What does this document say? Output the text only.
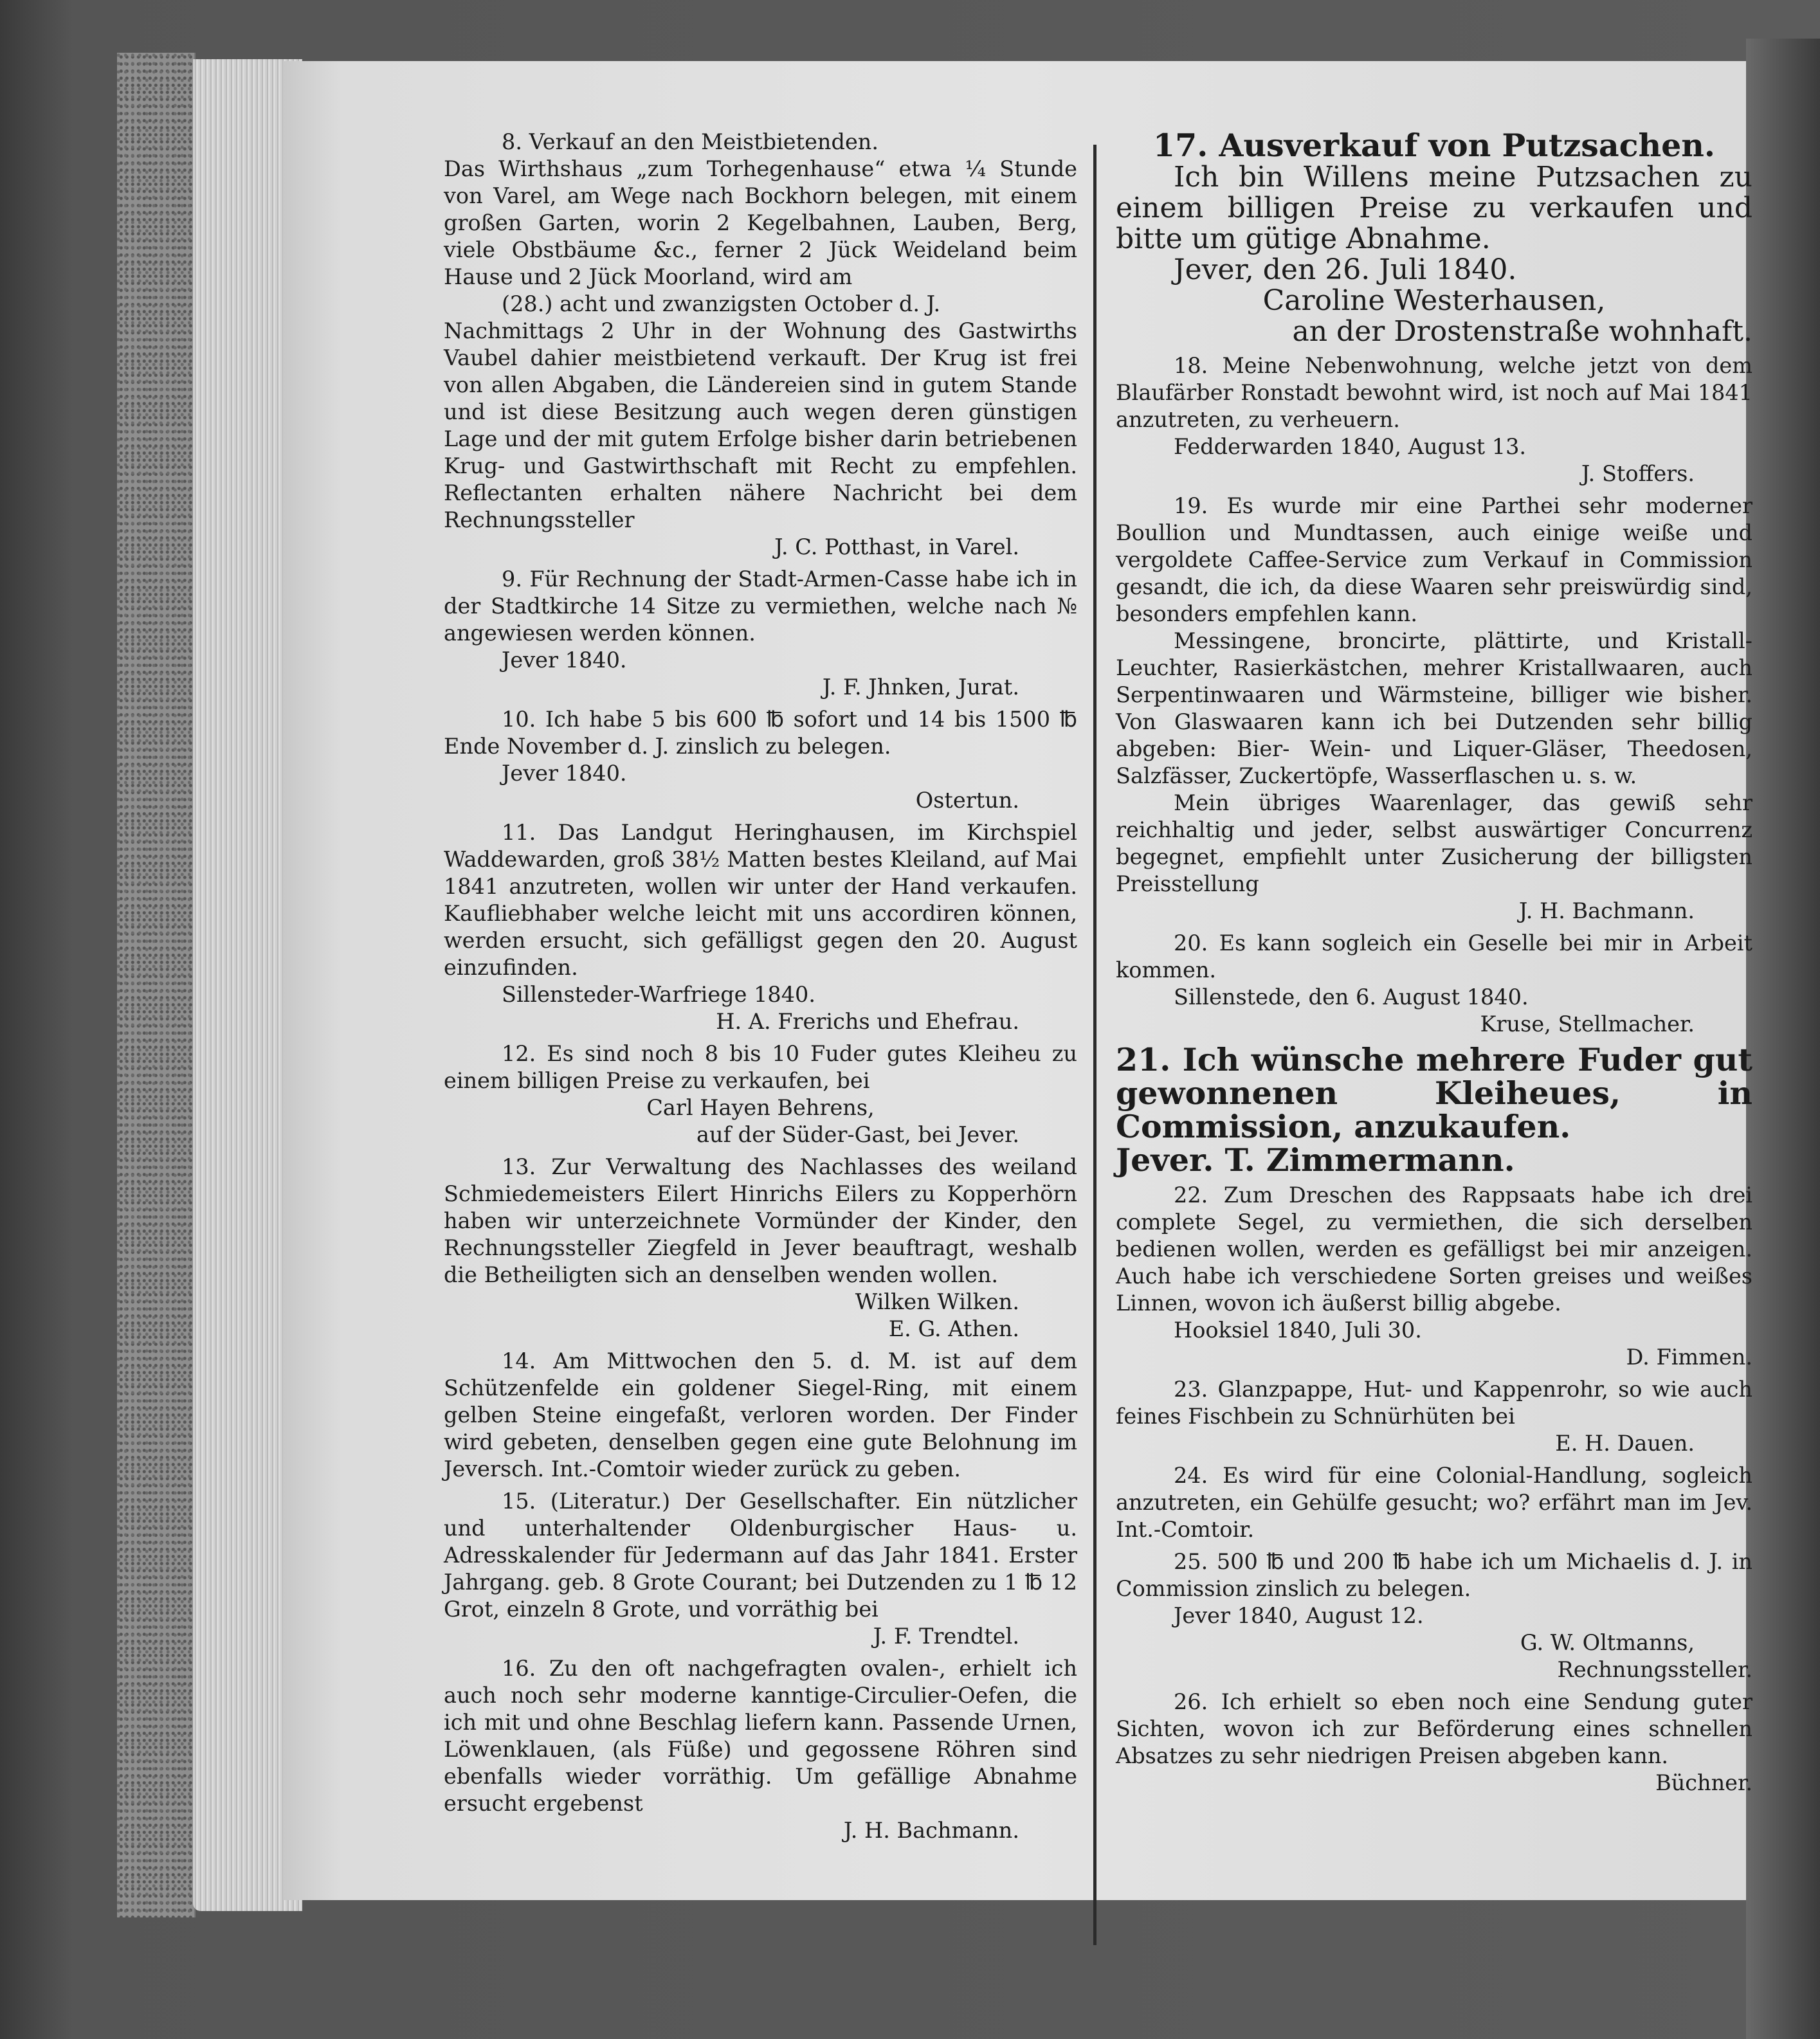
8. Verkauf an den Meistbietenden.

Das Wirthshaus „zum Torhegenhause“ etwa ¼ Stunde von Varel, am Wege nach Bockhorn belegen, mit einem großen Garten, worin 2 Kegelbahnen, Lauben, Berg, viele Obstbäume &c., ferner 2 Jück Weideland beim Hause und 2 Jück Moorland, wird am

(28.) acht und zwanzigsten October d. J.

Nachmittags 2 Uhr in der Wohnung des Gastwirths Vaubel dahier meistbietend verkauft. Der Krug ist frei von allen Abgaben, die Ländereien sind in gutem Stande und ist diese Besitzung auch wegen deren günstigen Lage und der mit gutem Erfolge bisher darin betriebenen Krug- und Gastwirthschaft mit Recht zu empfehlen. Reflectanten erhalten nähere Nachricht bei dem Rechnungssteller

J. C. Potthast, in Varel.

9. Für Rechnung der Stadt-Armen-Casse habe ich in der Stadtkirche 14 Sitze zu vermiethen, welche nach № angewiesen werden können.

Jever 1840.

J. F. Jhnken, Jurat.

10. Ich habe 5 bis 600 ℔ sofort und 14 bis 1500 ℔ Ende November d. J. zinslich zu belegen.

Jever 1840.

Ostertun.

11. Das Landgut Heringhausen, im Kirchspiel Waddewarden, groß 38½ Matten bestes Kleiland, auf Mai 1841 anzutreten, wollen wir unter der Hand verkaufen. Kaufliebhaber welche leicht mit uns accordiren können, werden ersucht, sich gefälligst gegen den 20. August einzufinden.

Sillensteder-Warfriege 1840.

H. A. Frerichs und Ehefrau.

12. Es sind noch 8 bis 10 Fuder gutes Kleiheu zu einem billigen Preise zu verkaufen, bei

Carl Hayen Behrens,

auf der Süder-Gast, bei Jever.

13. Zur Verwaltung des Nachlasses des weiland Schmiedemeisters Eilert Hinrichs Eilers zu Kopperhörn haben wir unterzeichnete Vormünder der Kinder, den Rechnungssteller Ziegfeld in Jever beauftragt, weshalb die Betheiligten sich an denselben wenden wollen.

Wilken Wilken.

E. G. Athen.

14. Am Mittwochen den 5. d. M. ist auf dem Schützenfelde ein goldener Siegel-Ring, mit einem gelben Steine eingefaßt, verloren worden. Der Finder wird gebeten, denselben gegen eine gute Belohnung im Jeversch. Int.-Comtoir wieder zurück zu geben.

15. (Literatur.) Der Gesellschafter. Ein nützlicher und unterhaltender Oldenburgischer Haus- u. Adresskalender für Jedermann auf das Jahr 1841. Erster Jahrgang. geb. 8 Grote Courant; bei Dutzenden zu 1 ℔ 12 Grot, einzeln 8 Grote, und vorräthig bei

J. F. Trendtel.

16. Zu den oft nachgefragten ovalen-, erhielt ich auch noch sehr moderne kanntige-Circulier-Oefen, die ich mit und ohne Beschlag liefern kann. Passende Urnen, Löwenklauen, (als Füße) und gegossene Röhren sind ebenfalls wieder vorräthig. Um gefällige Abnahme ersucht ergebenst

J. H. Bachmann.

17. Ausverkauf von Putzsachen.

Ich bin Willens meine Putzsachen zu einem billigen Preise zu verkaufen und bitte um gütige Abnahme.

Jever, den 26. Juli 1840.

Caroline Westerhausen,

an der Drostenstraße wohnhaft.

18. Meine Nebenwohnung, welche jetzt von dem Blaufärber Ronstadt bewohnt wird, ist noch auf Mai 1841 anzutreten, zu verheuern.

Fedderwarden 1840, August 13.

J. Stoffers.

19. Es wurde mir eine Parthei sehr moderner Boullion und Mundtassen, auch einige weiße und vergoldete Caffee-Service zum Verkauf in Commission gesandt, die ich, da diese Waaren sehr preiswürdig sind, besonders empfehlen kann.

Messingene, broncirte, plättirte, und Kristall-Leuchter, Rasierkästchen, mehrer Kristallwaaren, auch Serpentinwaaren und Wärmsteine, billiger wie bisher. Von Glaswaaren kann ich bei Dutzenden sehr billig abgeben: Bier- Wein- und Liquer-Gläser, Theedosen, Salzfässer, Zuckertöpfe, Wasserflaschen u. s. w.

Mein übriges Waarenlager, das gewiß sehr reichhaltig und jeder, selbst auswärtiger Concurrenz begegnet, empfiehlt unter Zusicherung der billigsten Preisstellung

J. H. Bachmann.

20. Es kann sogleich ein Geselle bei mir in Arbeit kommen.

Sillenstede, den 6. August 1840.

Kruse, Stellmacher.

21. Ich wünsche mehrere Fuder gut gewonnenen Kleiheues, in Commission, anzukaufen.

Jever. T. Zimmermann.

22. Zum Dreschen des Rappsaats habe ich drei complete Segel, zu vermiethen, die sich derselben bedienen wollen, werden es gefälligst bei mir anzeigen. Auch habe ich verschiedene Sorten greises und weißes Linnen, wovon ich äußerst billig abgebe.

Hooksiel 1840, Juli 30.

D. Fimmen.

23. Glanzpappe, Hut- und Kappenrohr, so wie auch feines Fischbein zu Schnürhüten bei

E. H. Dauen.

24. Es wird für eine Colonial-Handlung, sogleich anzutreten, ein Gehülfe gesucht; wo? erfährt man im Jev. Int.-Comtoir.

25. 500 ℔ und 200 ℔ habe ich um Michaelis d. J. in Commission zinslich zu belegen.

Jever 1840, August 12.

G. W. Oltmanns,

Rechnungssteller.

26. Ich erhielt so eben noch eine Sendung guter Sichten, wovon ich zur Beförderung eines schnellen Absatzes zu sehr niedrigen Preisen abgeben kann.

Büchner.
